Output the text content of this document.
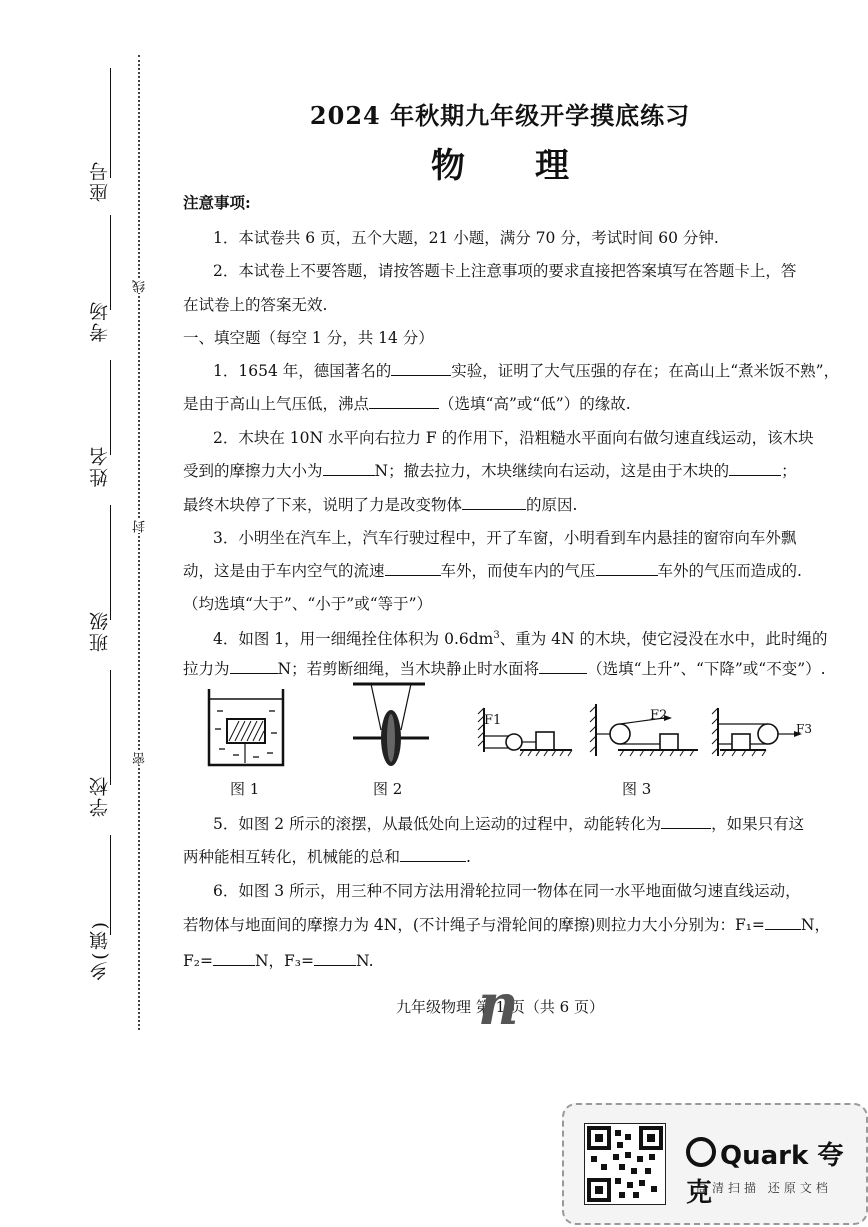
座号
考场
姓名
班级
学校
乡(镇)
线
封
密
2024 年秋期九年级开学摸底练习
物理
注意事项:
1．本试卷共 6 页，五个大题，21 小题，满分 70 分，考试时间 60 分钟.
2．本试卷上不要答题，请按答题卡上注意事项的要求直接把答案填写在答题卡上，答
在试卷上的答案无效.
一、填空题（每空 1 分，共 14 分）
1．1654 年，德国著名的	实验，证明了大气压强的存在；在高山上“煮米饭不熟”，
是由于高山上气压低，沸点	（选填“高”或“低”）的缘故.
2．木块在 10N 水平向右拉力 F 的作用下，沿粗糙水平面向右做匀速直线运动，该木块
受到的摩擦力大小为	N；撤去拉力，木块继续向右运动，这是由于木块的	；
最终木块停了下来，说明了力是改变物体	的原因.
3．小明坐在汽车上，汽车行驶过程中，开了车窗，小明看到车内悬挂的窗帘向车外飘
动，这是由于车内空气的流速	车外，而使车内的气压	车外的气压而造成的.
（均选填“大于”、“小于”或“等于”）
4．如图 1，用一细绳拴住体积为 $0.6dm^3$、重为 4N 的木块，使它浸没在水中，此时绳的
拉力为	N；若剪断细绳，当木块静止时水面将	（选填“上升”、“下降”或“不变”）.
图 1	图 2
F1	F2
F3
图 3
5．如图 2 所示的滚摆，从最低处向上运动的过程中，动能转化为	，如果只有这
两种能相互转化，机械能的总和	.
6．如图 3 所示，用三种不同方法用滑轮拉同一物体在同一水平地面做匀速直线运动，
若物体与地面间的摩擦力为 4N，(不计绳子与滑轮间的摩擦)则拉力大小分别为：F₁= N，
F₂=	N，F₃=	N.
九年级物理 第 1 页（共 6 页）
n
Quark 夸克
高清扫描 还原文档
